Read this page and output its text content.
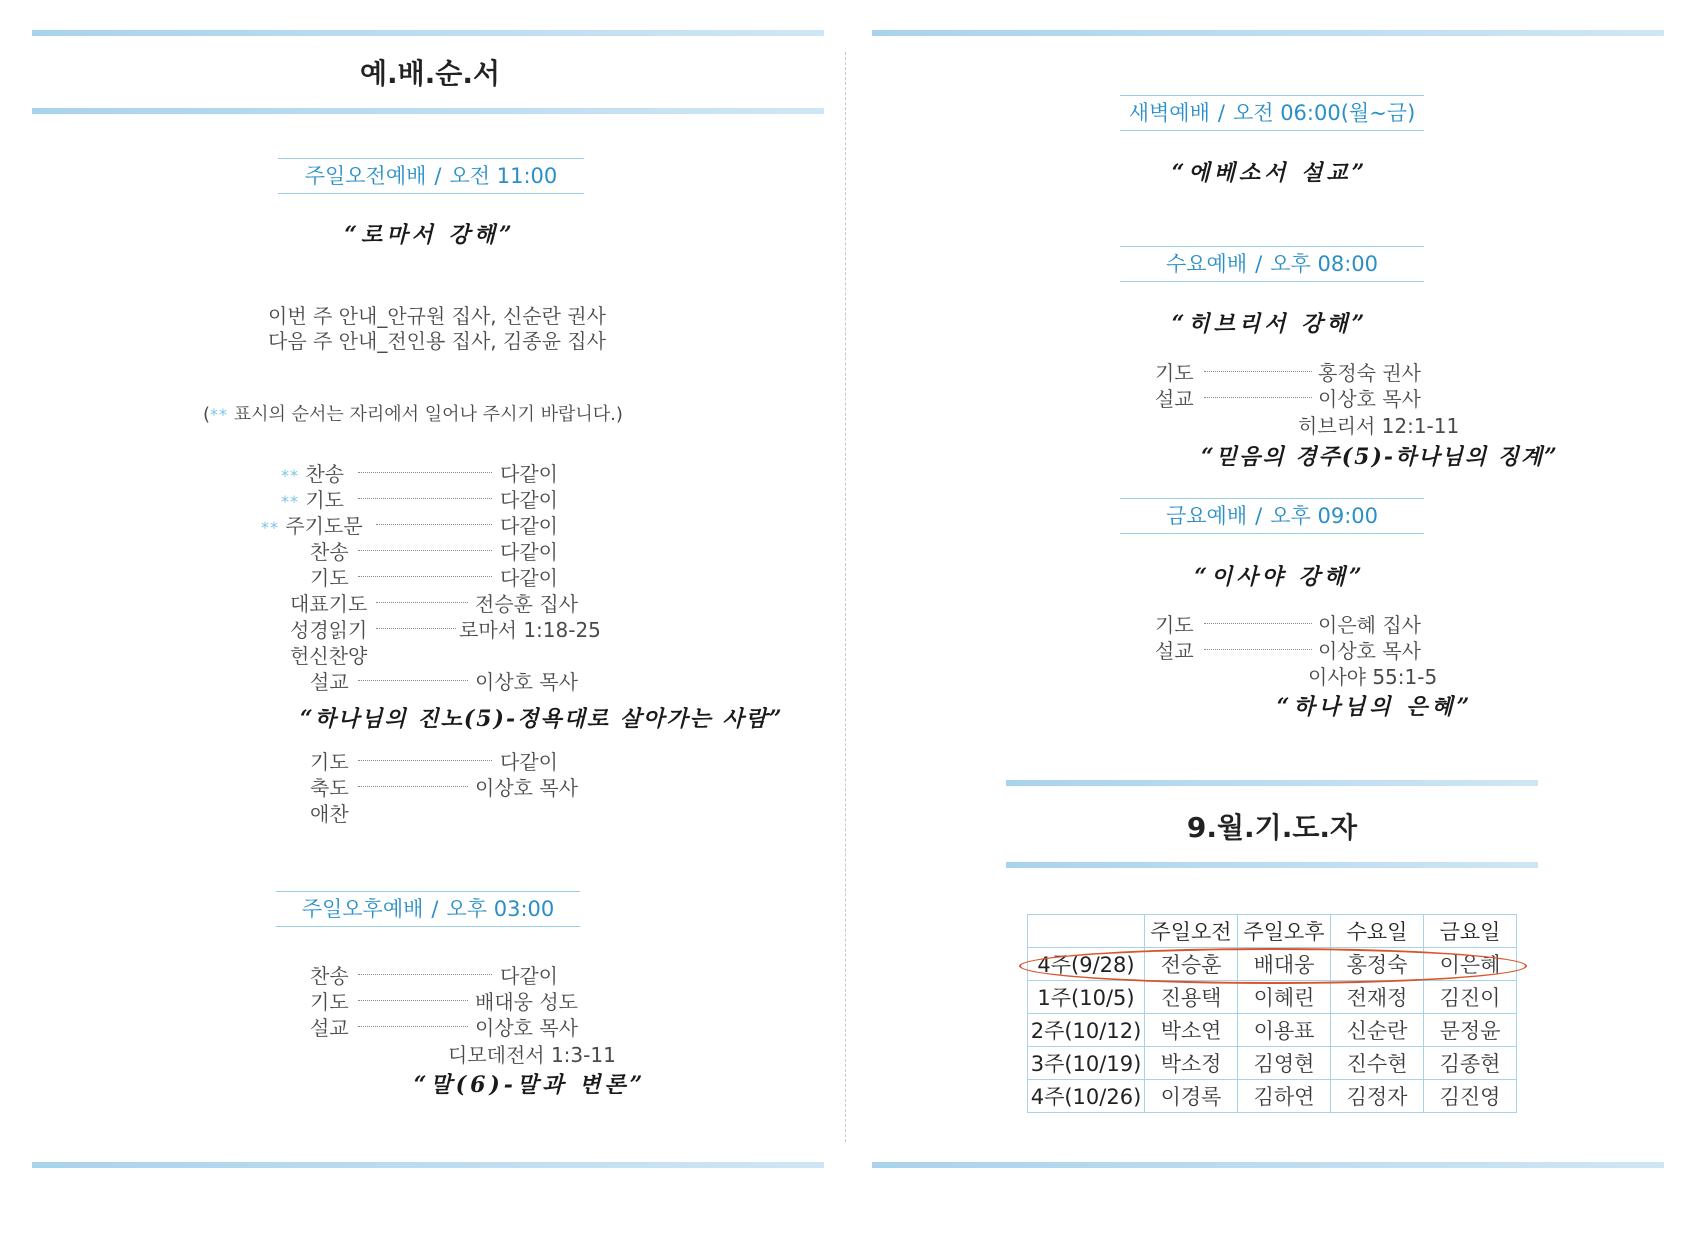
예.배.순.서
주일오전예배 / 오전 11:00
“로마서 강해”
이번 주 안내_안규원 집사, 신순란 권사
다음 주 안내_전인용 집사, 김종윤 집사
(** 표시의 순서는 자리에서 일어나 주시기 바랍니다.)
** 찬송	다같이
** 기도	다같이
** 주기도문	다같이
찬송	다같이
기도	다같이
대표기도	전승훈 집사
성경읽기	로마서 1:18-25
헌신찬양
설교	이상호 목사
“하나님의 진노(5)-정욕대로 살아가는 사람”
기도	다같이
축도	이상호 목사
애찬
주일오후예배 / 오후 03:00
찬송	다같이
기도	배대웅 성도
설교	이상호 목사
디모데전서 1:3-11
“말(6)-말과 변론”
새벽예배 / 오전 06:00(월~금)
“에베소서 설교”
수요예배 / 오후 08:00
“히브리서 강해”
기도	홍정숙 권사
설교	이상호 목사
히브리서 12:1-11
“믿음의 경주(5)-하나님의 징계”
금요예배 / 오후 09:00
“이사야 강해”
기도	이은혜 집사
설교	이상호 목사
이사야 55:1-5
“하나님의 은혜”
9.월.기.도.자
	주일오전	주일오후	수요일	금요일
4주(9/28)	전승훈	배대웅	홍정숙	이은혜
1주(10/5)	진용택	이혜린	전재정	김진이
2주(10/12)	박소연	이용표	신순란	문정윤
3주(10/19)	박소정	김영현	진수현	김종현
4주(10/26)	이경록	김하연	김정자	김진영
